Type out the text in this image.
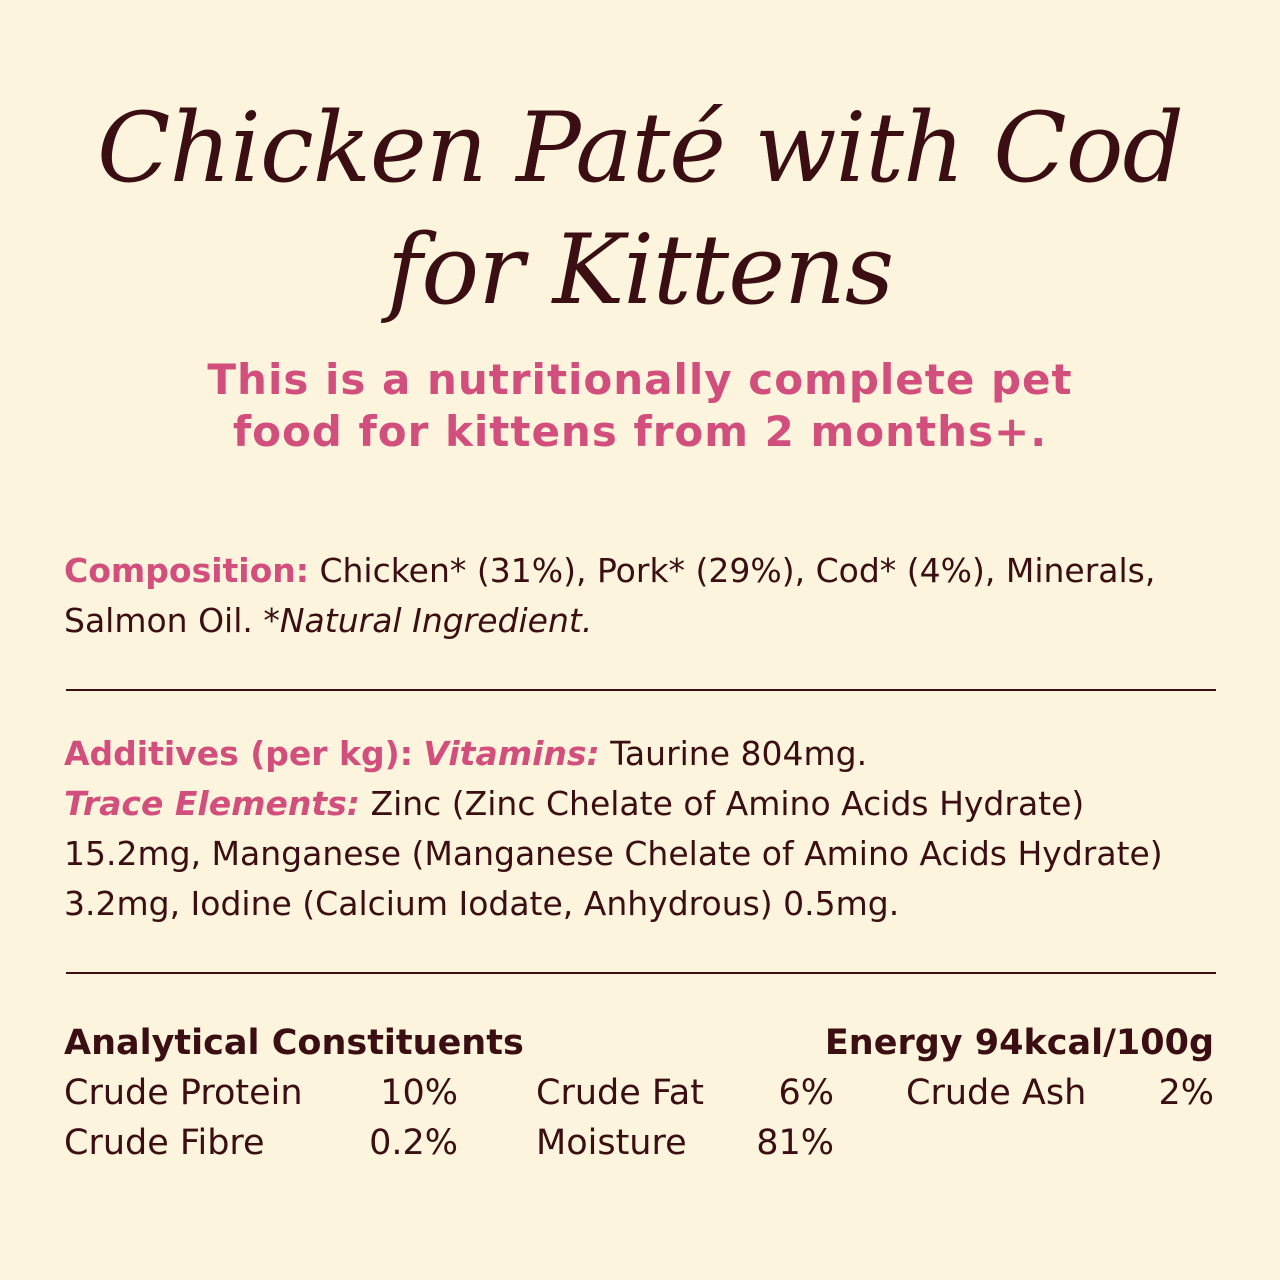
Chicken Paté with Cod
for Kittens
This is a nutritionally complete pet
food for kittens from 2 months+.
Composition: Chicken* (31%), Pork* (29%), Cod* (4%), Minerals, Salmon Oil. *Natural Ingredient.
Additives (per kg): Vitamins: Taurine 804mg.
Trace Elements: Zinc (Zinc Chelate of Amino Acids Hydrate) 15.2mg, Manganese (Manganese Chelate of Amino Acids Hydrate) 3.2mg, Iodine (Calcium Iodate, Anhydrous) 0.5mg.
Analytical Constituents	Energy 94kcal/100g
Crude Protein	10% Crude Fat	6% Crude Ash	2%
Crude Fibre	0.2% Moisture	81%
